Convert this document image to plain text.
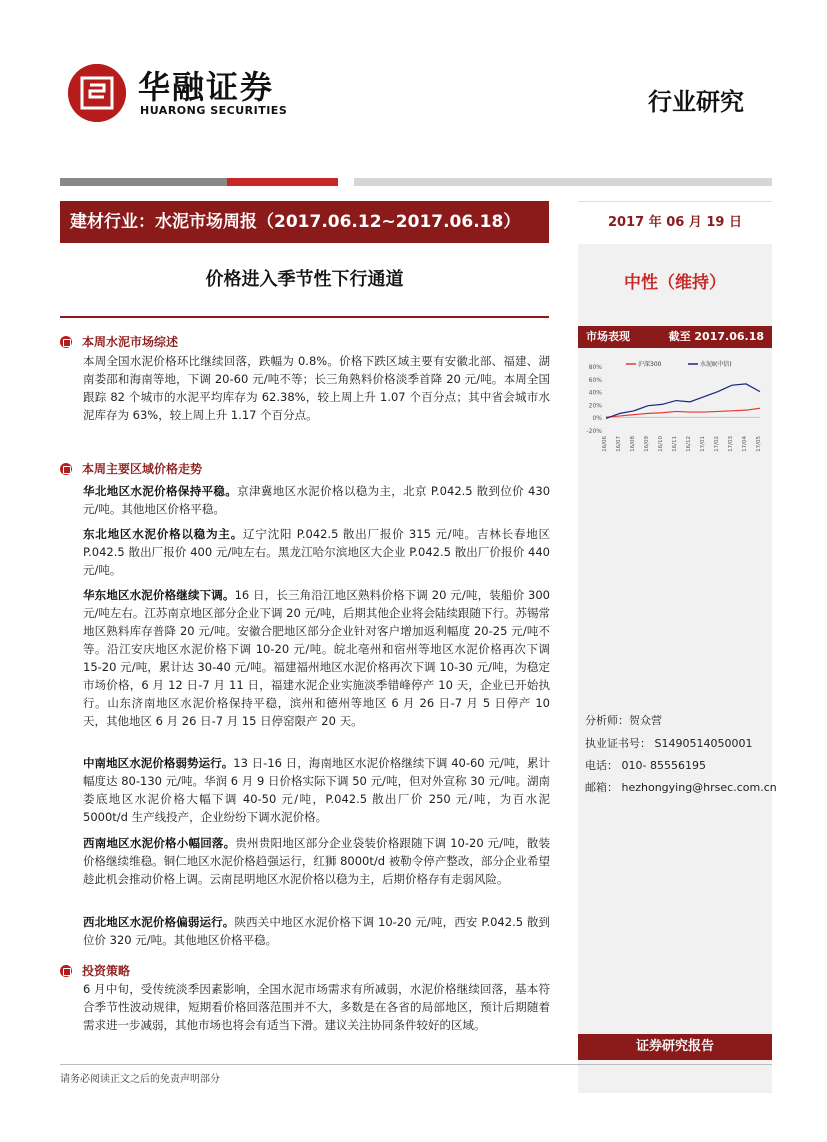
华融证券
HUARONG SECURITIES	行业研究
建材行业：水泥市场周报（2017.06.12~2017.06.18）	2017 年 06 月 19 日
价格进入季节性下行通道	中性（维持）
市场表现	截至 2017.06.18
80%
60%
40%
20%
0%
-20%
16/06 16/07 16/08 16/09 16/10 16/11 16/12 17/01 17/02 17/03 17/04 17/05
沪深300	水泥Ⅱ(中信)
本周水泥市场综述
本周全国水泥价格环比继续回落，跌幅为 0.8%。价格下跌区域主要有安徽北部、福建、湖南娄邵和海南等地，下调 20-60 元/吨不等；长三角熟料价格淡季首降 20 元/吨。本周全国跟踪 82 个城市的水泥平均库存为 62.38%，较上周上升 1.07 个百分点；其中省会城市水泥库存为 63%，较上周上升 1.17 个百分点。
本周主要区域价格走势
华北地区水泥价格保持平稳。京津冀地区水泥价格以稳为主，北京 P.042.5 散到位价 430 元/吨。其他地区价格平稳。
东北地区水泥价格以稳为主。辽宁沈阳 P.042.5 散出厂报价 315 元/吨。吉林长春地区 P.042.5 散出厂报价 400 元/吨左右。黑龙江哈尔滨地区大企业 P.042.5 散出厂价报价 440 元/吨。
华东地区水泥价格继续下调。16 日，长三角沿江地区熟料价格下调 20 元/吨，装船价 300 元/吨左右。江苏南京地区部分企业下调 20 元/吨，后期其他企业将会陆续跟随下行。苏锡常地区熟料库存普降 20 元/吨。安徽合肥地区部分企业针对客户增加返利幅度 20-25 元/吨不等。沿江安庆地区水泥价格下调 10-20 元/吨。皖北亳州和宿州等地区水泥价格再次下调 15-20 元/吨，累计达 30-40 元/吨。福建福州地区水泥价格再次下调 10-30 元/吨，为稳定市场价格，6 月 12 日-7 月 11 日，福建水泥企业实施淡季错峰停产 10 天，企业已开始执行。山东济南地区水泥价格保持平稳，滨州和德州等地区 6 月 26 日-7 月 5 日停产 10 天，其他地区 6 月 26 日-7 月 15 日停窑限产 20 天。
中南地区水泥价格弱势运行。13 日-16 日，海南地区水泥价格继续下调 40-60 元/吨，累计幅度达 80-130 元/吨。华润 6 月 9 日价格实际下调 50 元/吨，但对外宣称 30 元/吨。湖南娄底地区水泥价格大幅下调 40-50 元/吨，P.042.5 散出厂价 250 元/吨，为百水泥 5000t/d 生产线投产，企业纷纷下调水泥价格。
西南地区水泥价格小幅回落。贵州贵阳地区部分企业袋装价格跟随下调 10-20 元/吨，散装价格继续维稳。铜仁地区水泥价格趋强运行，红狮 8000t/d 被勒令停产整改，部分企业希望趁此机会推动价格上调。云南昆明地区水泥价格以稳为主，后期价格存有走弱风险。
西北地区水泥价格偏弱运行。陕西关中地区水泥价格下调 10-20 元/吨，西安 P.042.5 散到位价 320 元/吨。其他地区价格平稳。
投资策略
6 月中旬，受传统淡季因素影响，全国水泥市场需求有所减弱，水泥价格继续回落，基本符合季节性波动规律，短期看价格回落范围并不大，多数是在各省的局部地区，预计后期随着需求进一步减弱，其他市场也将会有适当下滑。建议关注协同条件较好的区域。
分析师：贺众营
执业证书号： S1490514050001
电话： 010- 85556195
邮箱： hezhongying@hrsec.com.cn
证券研究报告
请务必阅读正文之后的免责声明部分
